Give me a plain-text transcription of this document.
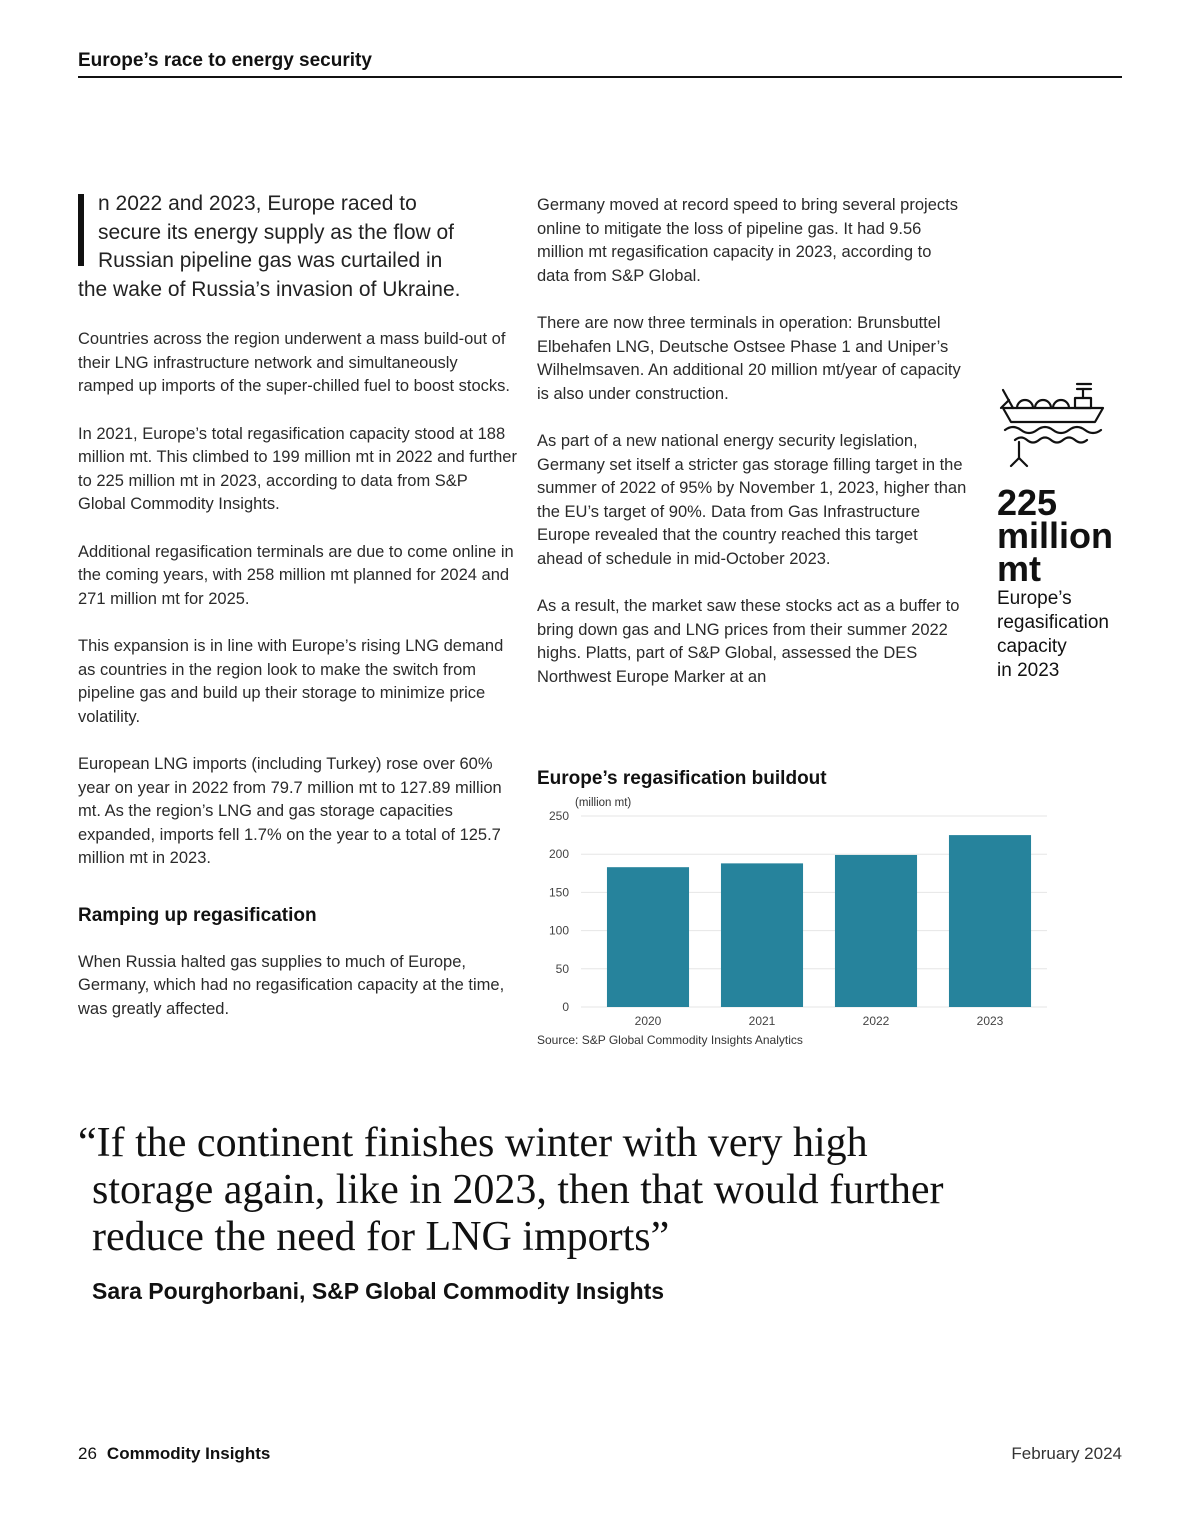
Europe’s race to energy security
n 2022 and 2023, Europe raced to
secure its energy supply as the flow of
Russian pipeline gas was curtailed in
the wake of Russia’s invasion of Ukraine.

Countries across the region underwent a mass build-out of their LNG infrastructure network and simultaneously ramped up imports of the super-chilled fuel to boost stocks.

In 2021, Europe’s total regasification capacity stood at 188 million mt. This climbed to 199 million mt in 2022 and further to 225 million mt in 2023, according to data from S&P Global Commodity Insights.

Additional regasification terminals are due to come online in the coming years, with 258 million mt planned for 2024 and 271 million mt for 2025.

This expansion is in line with Europe’s rising LNG demand as countries in the region look to make the switch from pipeline gas and build up their storage to minimize price volatility.

European LNG imports (including Turkey) rose over 60% year on year in 2022 from 79.7 million mt to 127.89 million mt. As the region’s LNG and gas storage capacities expanded, imports fell 1.7% on the year to a total of 125.7 million mt in 2023.

Ramping up regasification

When Russia halted gas supplies to much of Europe, Germany, which had no regasification capacity at the time, was greatly affected.

Germany moved at record speed to bring several projects online to mitigate the loss of pipeline gas. It had 9.56 million mt regasification capacity in 2023, according to data from S&P Global.

There are now three terminals in operation: Brunsbuttel Elbehafen LNG, Deutsche Ostsee Phase 1 and Uniper’s Wilhelmsaven. An additional 20 million mt/year of capacity is also under construction.

As part of a new national energy security legislation, Germany set itself a stricter gas storage filling target in the summer of 2022 of 95% by November 1, 2023, higher than the EU’s target of 90%. Data from Gas Infrastructure Europe revealed that the country reached this target ahead of schedule in mid-October 2023.

As a result, the market saw these stocks act as a buffer to bring down gas and LNG prices from their summer 2022 highs. Platts, part of S&P Global, assessed the DES Northwest Europe Marker at an

225
million
mt
Europe’s
regasification
capacity
in 2023
Europe’s regasification buildout
(million mt)
0
50
100
150
200
250
2020	2021	2022	2023
Source: S&P Global Commodity Insights Analytics
“If the continent finishes winter with very high
storage again, like in 2023, then that would further
reduce the need for LNG imports”
Sara Pourghorbani, S&P Global Commodity Insights
26 Commodity Insights	February 2024
